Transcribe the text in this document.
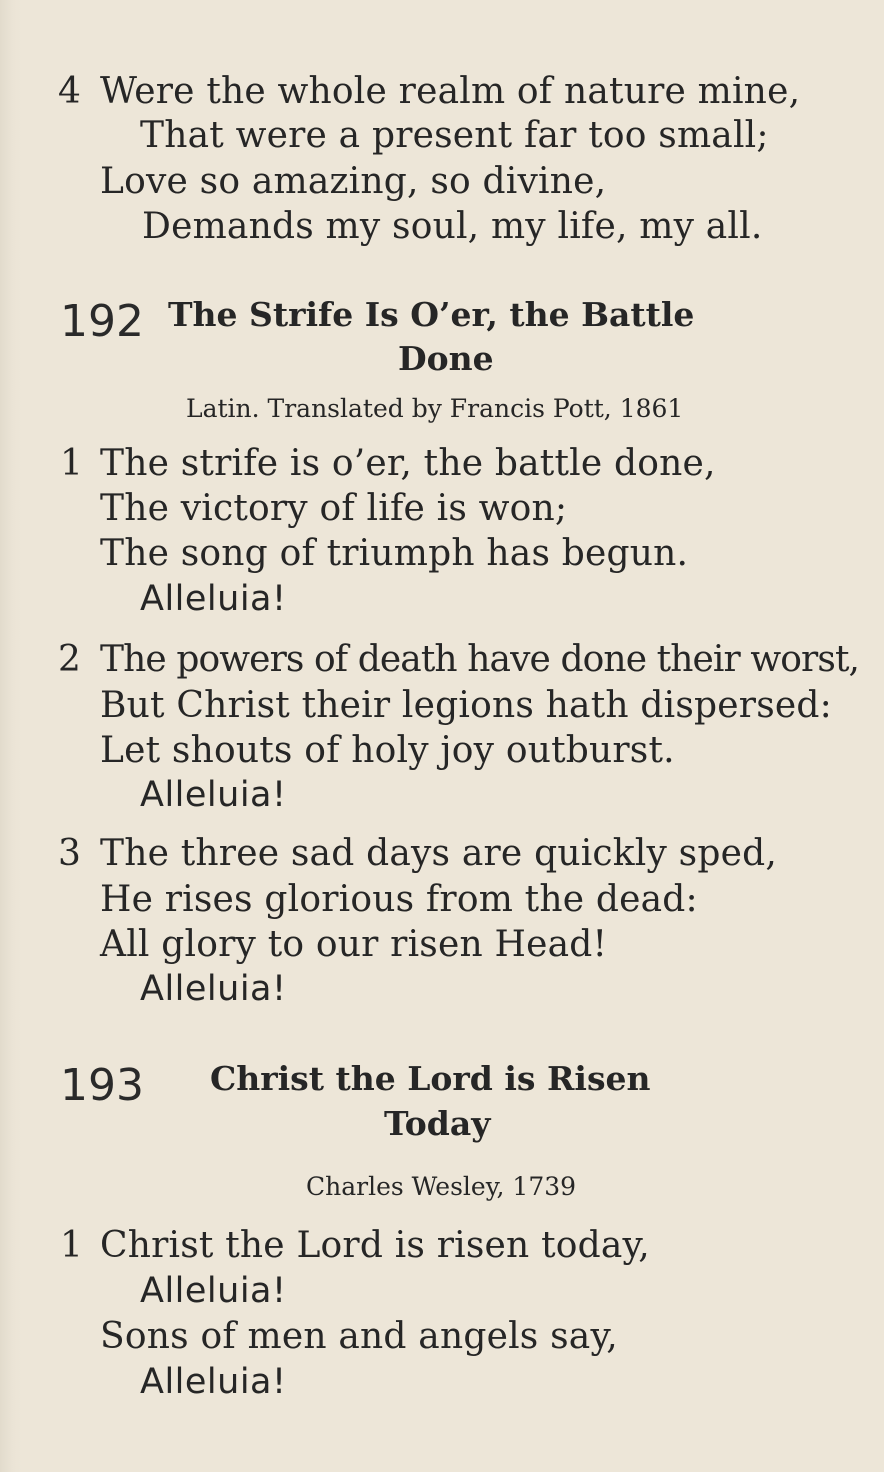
4 Were the whole realm of nature mine,
That were a present far too small;
Love so amazing, so divine,
Demands my soul, my life, my all.
192 The Strife Is O’er, the Battle
Done
Latin. Translated by Francis Pott, 1861
1 The strife is o’er, the battle done,
The victory of life is won;
The song of triumph has begun.
Alleluia!
2 The powers of death have done their worst,
But Christ their legions hath dispersed:
Let shouts of holy joy outburst.
Alleluia!
3 The three sad days are quickly sped,
He rises glorious from the dead:
All glory to our risen Head!
Alleluia!
193 Christ the Lord is Risen
Today
Charles Wesley, 1739
1 Christ the Lord is risen today,
Alleluia!
Sons of men and angels say,
Alleluia!
